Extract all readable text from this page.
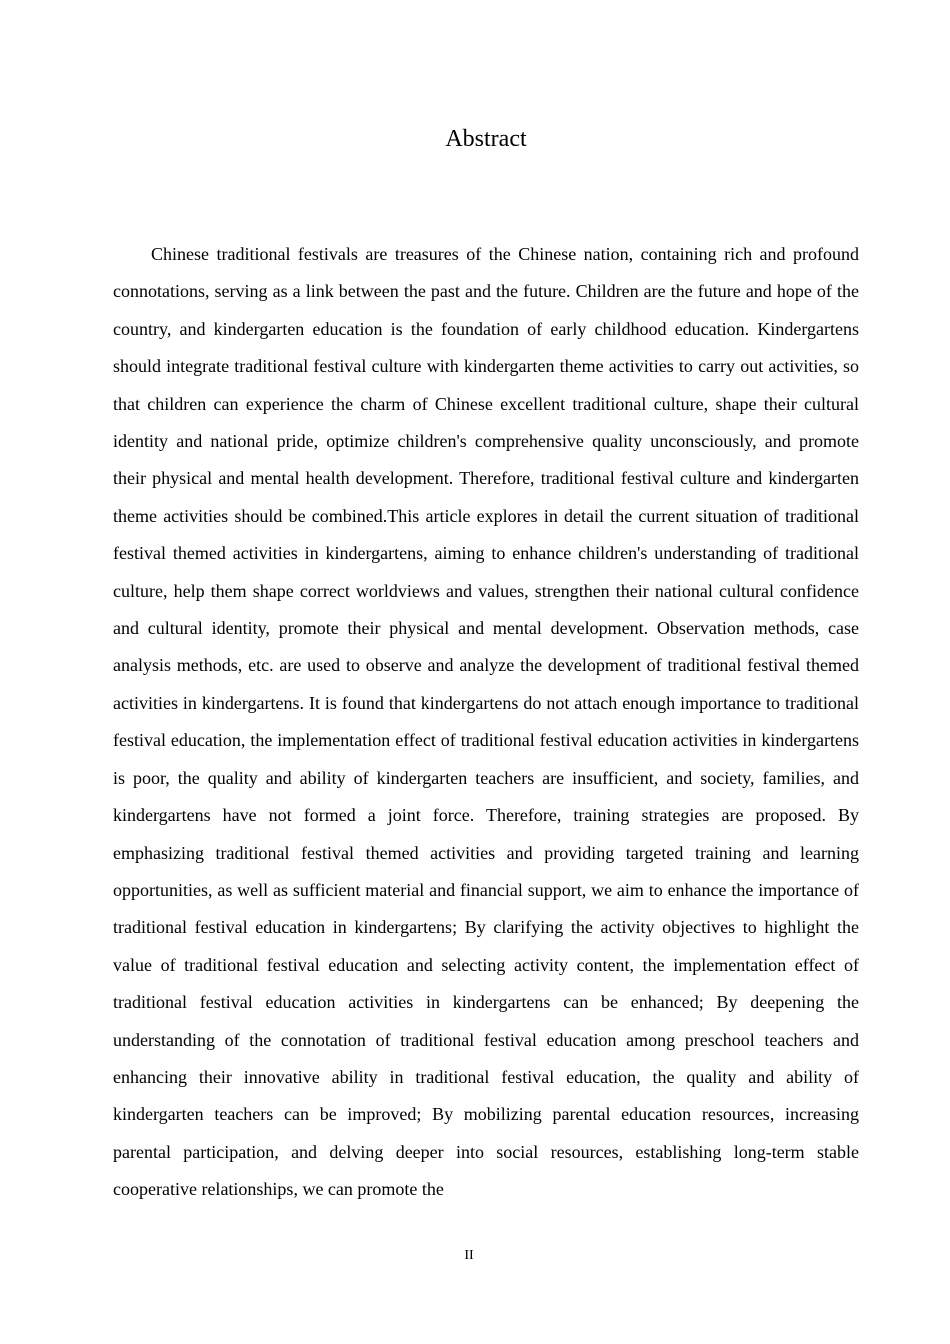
Abstract

Chinese traditional festivals are treasures of the Chinese nation, containing rich and profound connotations, serving as a link between the past and the future. Children are the future and hope of the country, and kindergarten education is the foundation of early childhood education. Kindergartens should integrate traditional festival culture with kindergarten theme activities to carry out activities, so that children can experience the charm of Chinese excellent traditional culture, shape their cultural identity and national pride, optimize children's comprehensive quality unconsciously, and promote their physical and mental health development. Therefore, traditional festival culture and kindergarten theme activities should be combined.This article explores in detail the current situation of traditional festival themed activities in kindergartens, aiming to enhance children's understanding of traditional culture, help them shape correct worldviews and values, strengthen their national cultural confidence and cultural identity, promote their physical and mental development. Observation methods, case analysis methods, etc. are used to observe and analyze the development of traditional festival themed activities in kindergartens. It is found that kindergartens do not attach enough importance to traditional festival education, the implementation effect of traditional festival education activities in kindergartens is poor, the quality and ability of kindergarten teachers are insufficient, and society, families, and kindergartens have not formed a joint force. Therefore, training strategies are proposed. By emphasizing traditional festival themed activities and providing targeted training and learning opportunities, as well as sufficient material and financial support, we aim to enhance the importance of traditional festival education in kindergartens; By clarifying the activity objectives to highlight the value of traditional festival education and selecting activity content, the implementation effect of traditional festival education activities in kindergartens can be enhanced; By deepening the understanding of the connotation of traditional festival education among preschool teachers and enhancing their innovative ability in traditional festival education, the quality and ability of kindergarten teachers can be improved; By mobilizing parental education resources, increasing parental participation, and delving deeper into social resources, establishing long-term stable cooperative relationships, we can promote the

II
